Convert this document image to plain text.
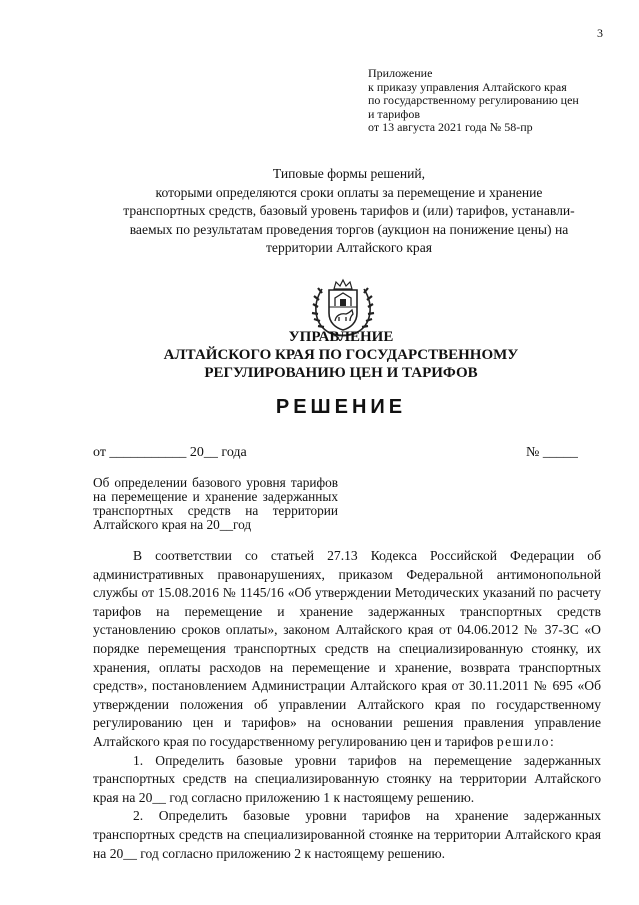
3
Приложение
к приказу управления Алтайского края
по государственному регулированию цен
и тарифов
от 13 августа 2021 года № 58-пр
Типовые формы решений,
которыми определяются сроки оплаты за перемещение и хранение
транспортных средств, базовый уровень тарифов и (или) тарифов, устанавли-
ваемых по результатам проведения торгов (аукцион на понижение цены) на
территории Алтайского края
УПРАВЛЕНИЕ
АЛТАЙСКОГО КРАЯ ПО ГОСУДАРСТВЕННОМУ
РЕГУЛИРОВАНИЮ ЦЕН И ТАРИФОВ
РЕШЕНИЕ
от ___________ 20__ года	№ _____
Об определении базового уровня тарифов на перемещение и хранение задержанных транспортных средств на территории Алтайского края на 20__год

В соответствии со статьей 27.13 Кодекса Российской Федерации об административных правонарушениях, приказом Федеральной антимонопольной службы от 15.08.2016 № 1145/16 «Об утверждении Методических указаний по расчету тарифов на перемещение и хранение задержанных транспортных средств установлению сроков оплаты», законом Алтайского края от 04.06.2012 № 37-ЗС «О порядке перемещения транспортных средств на специализированную стоянку, их хранения, оплаты расходов на перемещение и хранение, возврата транспортных средств», постановлением Администрации Алтайского края от 30.11.2011 № 695 «Об утверждении положения об управлении Алтайского края по государственному регулированию цен и тарифов» на основании решения правления управление Алтайского края по государственному регулированию цен и тарифов решило:

1. Определить базовые уровни тарифов на перемещение задержанных транспортных средств на специализированную стоянку на территории Алтайского края на 20__ год согласно приложению 1 к настоящему решению.

2. Определить базовые уровни тарифов на хранение задержанных транспортных средств на специализированной стоянке на территории Алтайского края на 20__ год согласно приложению 2 к настоящему решению.
